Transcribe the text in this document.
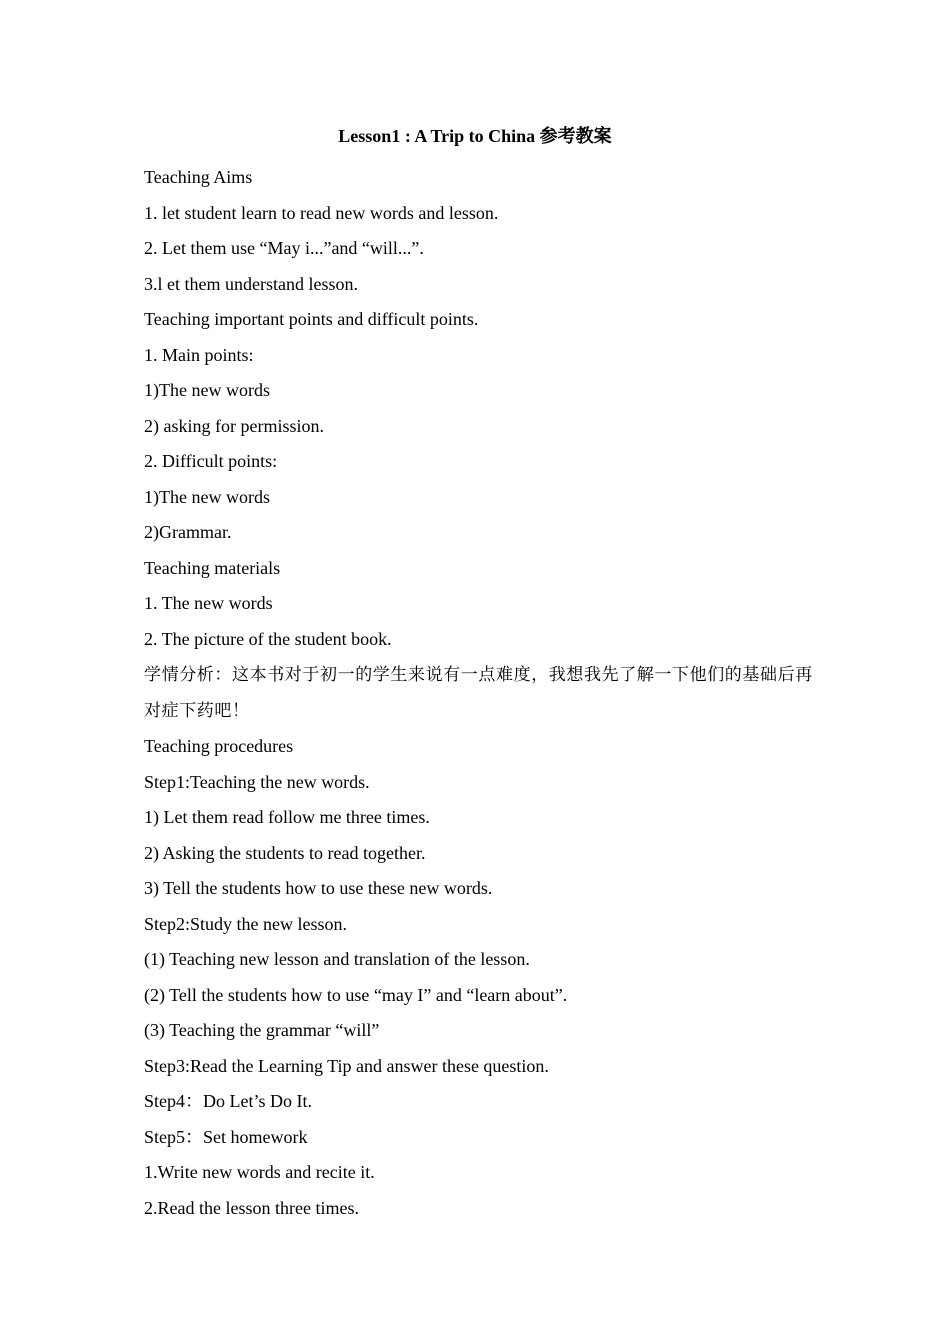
Lesson1 : A Trip to China 参考教案
Teaching Aims
1. let student learn to read new words and lesson.
2. Let them use “May i...”and “will...”.
3.l et them understand lesson.
Teaching important points and difficult points.
1. Main points:
1)The new words
2) asking for permission.
2. Difficult points:
1)The new words
2)Grammar.
Teaching materials
1. The new words
2. The picture of the student book.
学情分析：这本书对于初一的学生来说有一点难度，我想我先了解一下他们的基础后再对症下药吧！
Teaching procedures
Step1:Teaching the new words.
1) Let them read follow me three times.
2) Asking the students to read together.
3) Tell the students how to use these new words.
Step2:Study the new lesson.
(1) Teaching new lesson and translation of the lesson.
(2) Tell the students how to use “may I” and “learn about”.
(3) Teaching the grammar “will”
Step3:Read the Learning Tip and answer these question.
Step4：Do Let’s Do It.
Step5：Set homework
1.Write new words and recite it.
2.Read the lesson three times.
